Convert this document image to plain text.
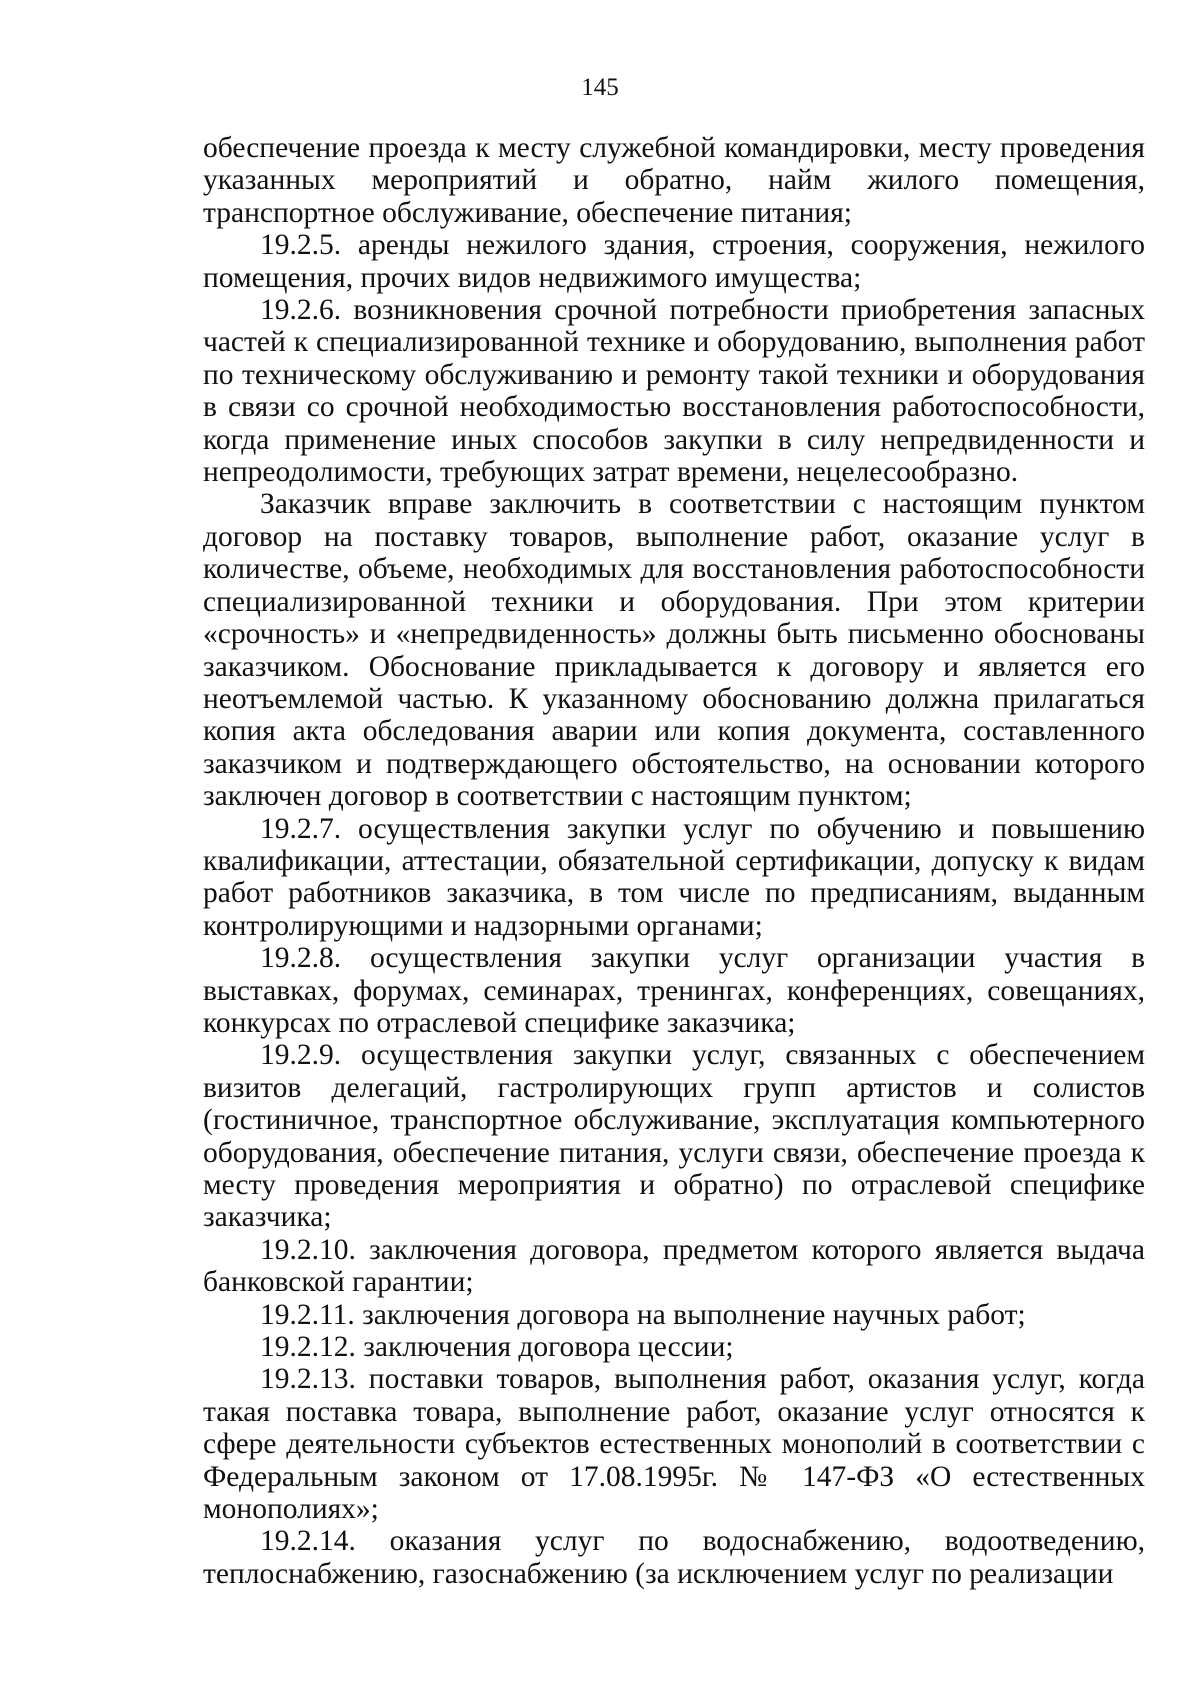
145

обеспечение проезда к месту служебной командировки, месту проведения указанных мероприятий и обратно, найм жилого помещения, транспортное обслуживание, обеспечение питания;

19.2.5. аренды нежилого здания, строения, сооружения, нежилого помещения, прочих видов недвижимого имущества;

19.2.6. возникновения срочной потребности приобретения запасных частей к специализированной технике и оборудованию, выполнения работ по техническому обслуживанию и ремонту такой техники и оборудования в связи со срочной необходимостью восстановления работоспособности, когда применение иных способов закупки в силу непредвиденности и непреодолимости, требующих затрат времени, нецелесообразно.

Заказчик вправе заключить в соответствии с настоящим пунктом договор на поставку товаров, выполнение работ, оказание услуг в количестве, объеме, необходимых для восстановления работоспособности специализированной техники и оборудования. При этом критерии «срочность» и «непредвиденность» должны быть письменно обоснованы заказчиком. Обоснование прикладывается к договору и является его неотъемлемой частью. К указанному обоснованию должна прилагаться копия акта обследования аварии или копия документа, составленного заказчиком и подтверждающего обстоятельство, на основании которого заключен договор в соответствии с настоящим пунктом;

19.2.7. осуществления закупки услуг по обучению и повышению квалификации, аттестации, обязательной сертификации, допуску к видам работ работников заказчика, в том числе по предписаниям, выданным контролирующими и надзорными органами;

19.2.8. осуществления закупки услуг организации участия в выставках, форумах, семинарах, тренингах, конференциях, совещаниях, конкурсах по отраслевой специфике заказчика;

19.2.9. осуществления закупки услуг, связанных с обеспечением визитов делегаций, гастролирующих групп артистов и солистов (гостиничное, транспортное обслуживание, эксплуатация компьютерного оборудования, обеспечение питания, услуги связи, обеспечение проезда к месту проведения мероприятия и обратно) по отраслевой специфике заказчика;

19.2.10. заключения договора, предметом которого является выдача банковской гарантии;

19.2.11. заключения договора на выполнение научных работ;

19.2.12. заключения договора цессии;

19.2.13. поставки товаров, выполнения работ, оказания услуг, когда такая поставка товара, выполнение работ, оказание услуг относятся к сфере деятельности субъектов естественных монополий в соответствии с Федеральным законом от 17.08.1995г. № 147-ФЗ «О естественных монополиях»;

19.2.14. оказания услуг по водоснабжению, водоотведению, теплоснабжению, газоснабжению (за исключением услуг по реализации
